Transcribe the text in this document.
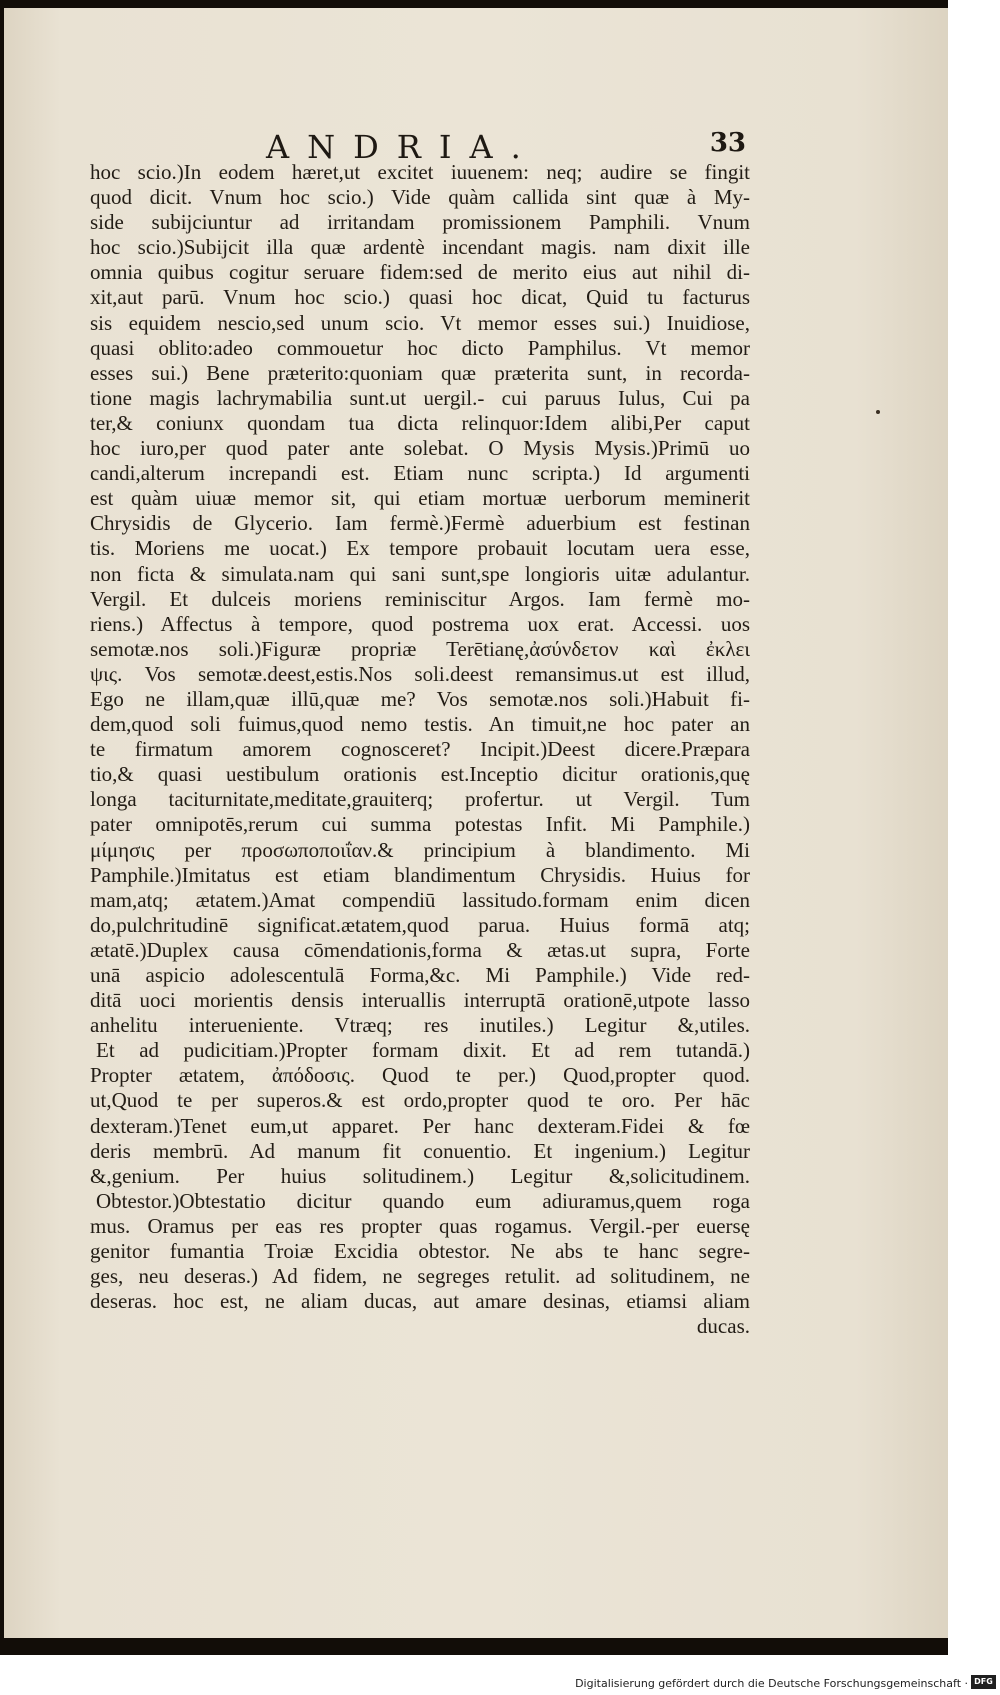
ANDRIA.	33
hoc scio.)In eodem hæret,ut excitet iuuenem: neq; audire se fingit
quod dicit. Vnum hoc scio.) Vide quàm callida sint quæ à My-
side subijciuntur ad irritandam promissionem Pamphili. Vnum
hoc scio.)Subijcit illa quæ ardentè incendant magis. nam dixit ille
omnia quibus cogitur seruare fidem:sed de merito eius aut nihil di-
xit,aut parū. Vnum hoc scio.) quasi hoc dicat, Quid tu facturus
sis equidem nescio,sed unum scio. Vt memor esses sui.) Inuidiose,
quasi oblito:adeo commouetur hoc dicto Pamphilus. Vt memor
esses sui.) Bene præterito:quoniam quæ præterita sunt, in recorda-
tione magis lachrymabilia sunt.ut uergil.- cui paruus Iulus, Cui pa
ter,& coniunx quondam tua dicta relinquor:Idem alibi,Per caput
hoc iuro,per quod pater ante solebat. O Mysis Mysis.)Primū uo
candi,alterum increpandi est. Etiam nunc scripta.) Id argumenti
est quàm uiuæ memor sit, qui etiam mortuæ uerborum meminerit
Chrysidis de Glycerio. Iam fermè.)Fermè aduerbium est festinan
tis. Moriens me uocat.) Ex tempore probauit locutam uera esse,
non ficta & simulata.nam qui sani sunt,spe longioris uitæ adulantur.
Vergil. Et dulceis moriens reminiscitur Argos. Iam fermè mo-
riens.) Affectus à tempore, quod postrema uox erat. Accessi. uos
semotæ.nos soli.)Figuræ propriæ Terētianę,ἀσύνδετον καὶ ἐκλει
ψις. Vos semotæ.deest,estis.Nos soli.deest remansimus.ut est illud,
Ego ne illam,quæ illū,quæ me? Vos semotæ.nos soli.)Habuit fi-
dem,quod soli fuimus,quod nemo testis. An timuit,ne hoc pater an
te firmatum amorem cognosceret? Incipit.)Deest dicere.Præpara
tio,& quasi uestibulum orationis est.Inceptio dicitur orationis,quę
longa taciturnitate,meditate,grauiterq; profertur. ut Vergil. Tum
pater omnipotēs,rerum cui summa potestas Infit. Mi Pamphile.)
μίμησις per προσωποποιΐαν.& principium à blandimento. Mi
Pamphile.)Imitatus est etiam blandimentum Chrysidis. Huius for
mam,atq; ætatem.)Amat compendiū lassitudo.formam enim dicen
do,pulchritudinē significat.ætatem,quod parua. Huius formā atq;
ætatē.)Duplex causa cōmendationis,forma & ætas.ut supra, Forte
unā aspicio adolescentulā Forma,&c. Mi Pamphile.) Vide red-
ditā uoci morientis densis interuallis interruptā orationē,utpote lasso
anhelitu interueniente. Vtræq; res inutiles.) Legitur &,utiles.
Et ad pudicitiam.)Propter formam dixit. Et ad rem tutandā.)
Propter ætatem, ἀπόδοσις. Quod te per.) Quod,propter quod.
ut,Quod te per superos.& est ordo,propter quod te oro. Per hāc
dexteram.)Tenet eum,ut apparet. Per hanc dexteram.Fidei & fœ
deris membrū. Ad manum fit conuentio. Et ingenium.) Legitur
&,genium. Per huius solitudinem.) Legitur &,solicitudinem.
Obtestor.)Obtestatio dicitur quando eum adiuramus,quem roga
mus. Oramus per eas res propter quas rogamus. Vergil.-per euersę
genitor fumantia Troiæ Excidia obtestor. Ne abs te hanc segre-
ges, neu deseras.) Ad fidem, ne segreges retulit. ad solitudinem, ne
deseras. hoc est, ne aliam ducas, aut amare desinas, etiamsi aliam
ducas.
Digitalisierung gefördert durch die Deutsche Forschungsgemeinschaft · DFG
